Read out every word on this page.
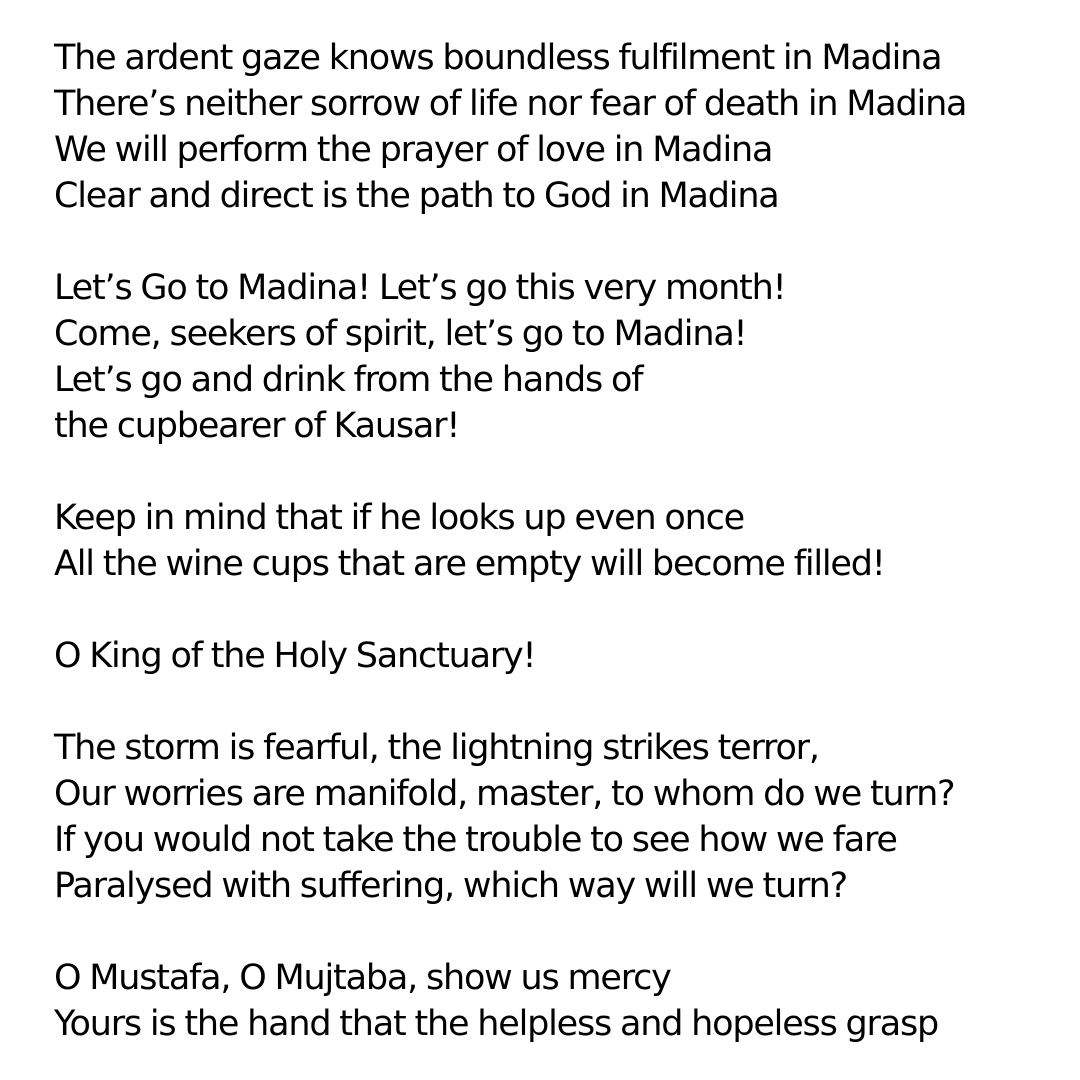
The ardent gaze knows boundless fulfilment in Madina
There’s neither sorrow of life nor fear of death in Madina
We will perform the prayer of love in Madina
Clear and direct is the path to God in Madina
Let’s Go to Madina! Let’s go this very month!
Come, seekers of spirit, let’s go to Madina!
Let’s go and drink from the hands of
the cupbearer of Kausar!
Keep in mind that if he looks up even once
All the wine cups that are empty will become filled!
O King of the Holy Sanctuary!
The storm is fearful, the lightning strikes terror,
Our worries are manifold, master, to whom do we turn?
If you would not take the trouble to see how we fare
Paralysed with suffering, which way will we turn?
O Mustafa, O Mujtaba, show us mercy
Yours is the hand that the helpless and hopeless grasp
